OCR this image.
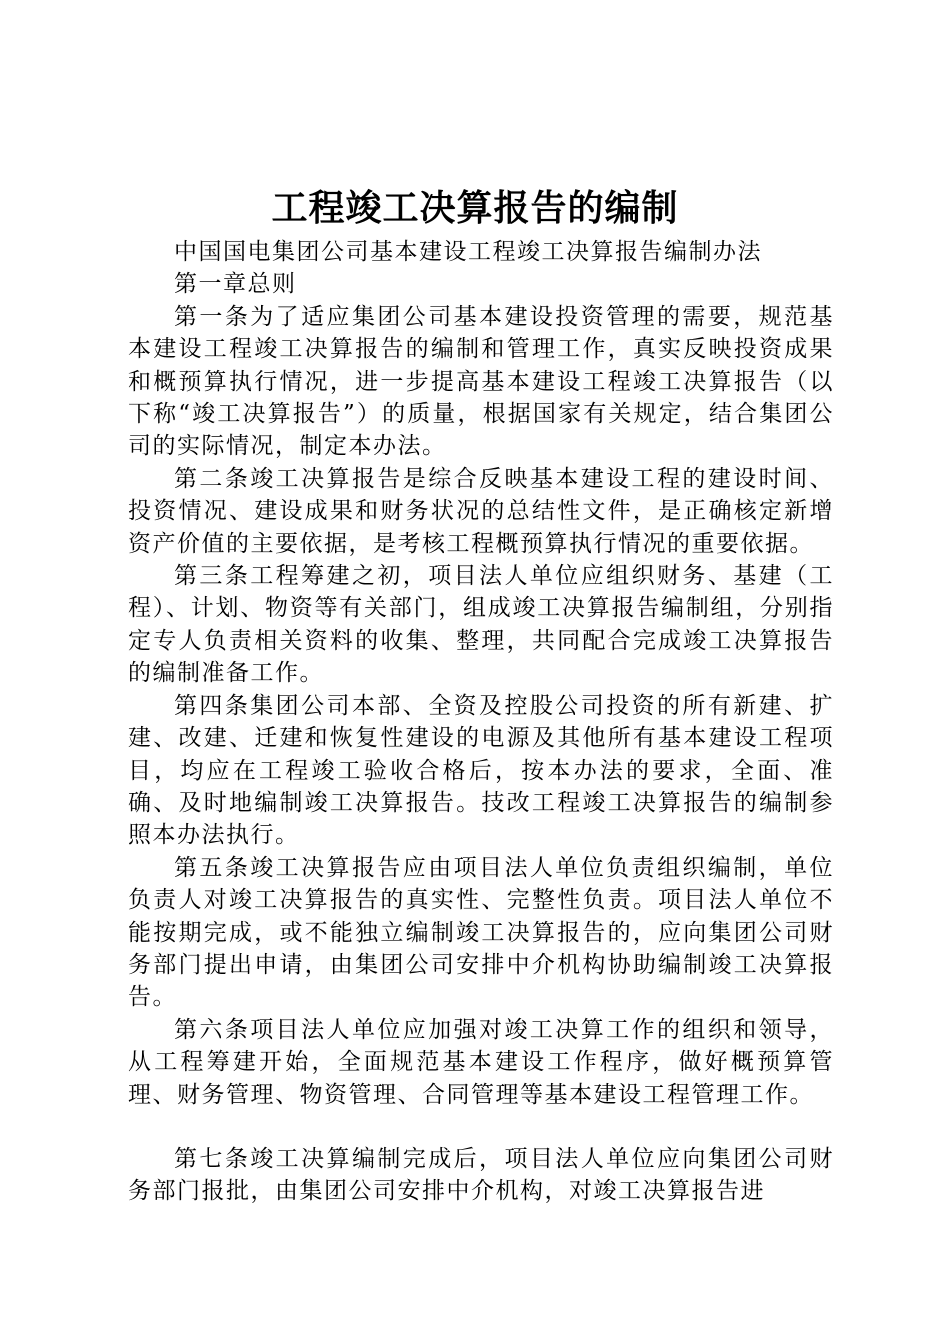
工程竣工决算报告的编制

中国国电集团公司基本建设工程竣工决算报告编制办法

第一章总则

第一条为了适应集团公司基本建设投资管理的需要，规范基本建设工程竣工决算报告的编制和管理工作，真实反映投资成果和概预算执行情况，进一步提高基本建设工程竣工决算报告（以下称“竣工决算报告”）的质量，根据国家有关规定，结合集团公司的实际情况，制定本办法。

第二条竣工决算报告是综合反映基本建设工程的建设时间、投资情况、建设成果和财务状况的总结性文件，是正确核定新增资产价值的主要依据，是考核工程概预算执行情况的重要依据。

第三条工程筹建之初，项目法人单位应组织财务、基建（工程）、计划、物资等有关部门，组成竣工决算报告编制组，分别指定专人负责相关资料的收集、整理，共同配合完成竣工决算报告的编制准备工作。

第四条集团公司本部、全资及控股公司投资的所有新建、扩建、改建、迁建和恢复性建设的电源及其他所有基本建设工程项目，均应在工程竣工验收合格后，按本办法的要求，全面、准确、及时地编制竣工决算报告。技改工程竣工决算报告的编制参照本办法执行。

第五条竣工决算报告应由项目法人单位负责组织编制，单位负责人对竣工决算报告的真实性、完整性负责。项目法人单位不能按期完成，或不能独立编制竣工决算报告的，应向集团公司财务部门提出申请，由集团公司安排中介机构协助编制竣工决算报告。

第六条项目法人单位应加强对竣工决算工作的组织和领导，从工程筹建开始，全面规范基本建设工作程序，做好概预算管理、财务管理、物资管理、合同管理等基本建设工程管理工作。

第七条竣工决算编制完成后，项目法人单位应向集团公司财务部门报批，由集团公司安排中介机构，对竣工决算报告进
